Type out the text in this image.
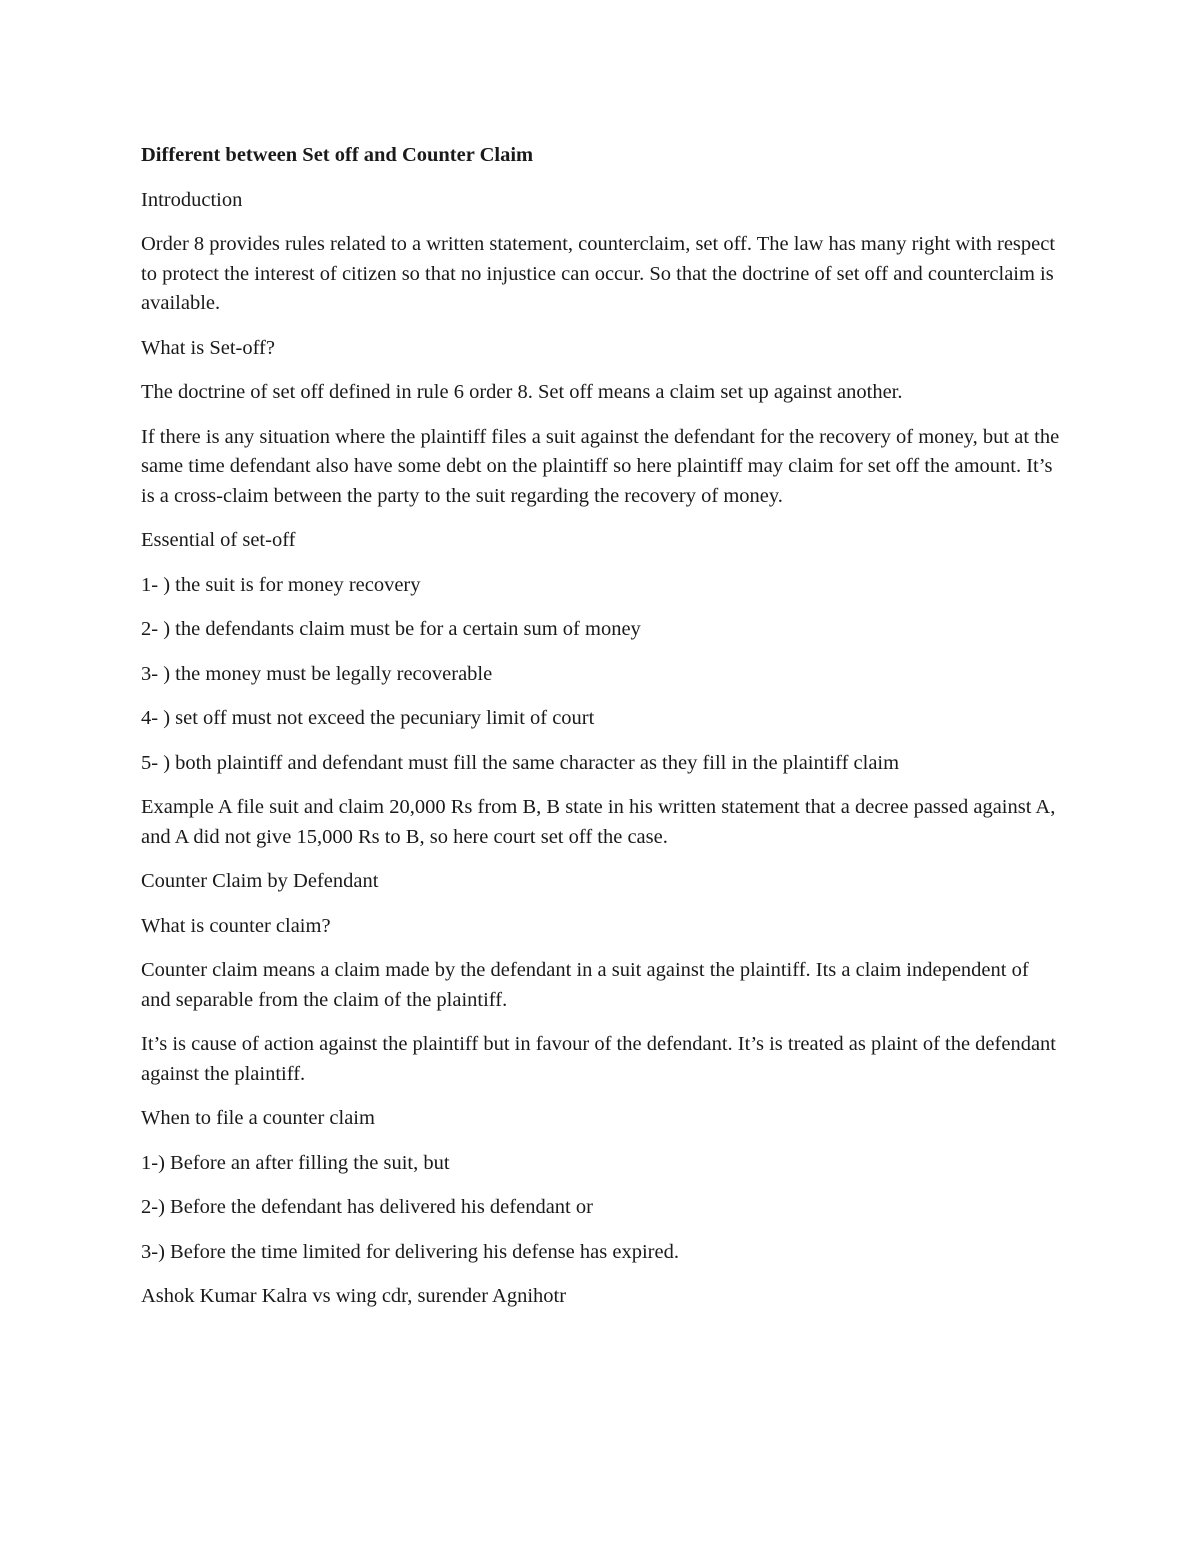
Different between Set off and Counter Claim

Introduction

Order 8 provides rules related to a written statement, counterclaim, set off. The law has many right with respect to protect the interest of citizen so that no injustice can occur. So that the doctrine of set off and counterclaim is available.

What is Set-off?

The doctrine of set off defined in rule 6 order 8. Set off means a claim set up against another.

If there is any situation where the plaintiff files a suit against the defendant for the recovery of money, but at the same time defendant also have some debt on the plaintiff so here plaintiff may claim for set off the amount. It’s is a cross-claim between the party to the suit regarding the recovery of money.

Essential of set-off

1- ) the suit is for money recovery

2- ) the defendants claim must be for a certain sum of money

3- ) the money must be legally recoverable

4- ) set off must not exceed the pecuniary limit of court

5- ) both plaintiff and defendant must fill the same character as they fill in the plaintiff claim

Example A file suit and claim 20,000 Rs from B, B state in his written statement that a decree passed against A, and A did not give 15,000 Rs to B, so here court set off the case.

Counter Claim by Defendant

What is counter claim?

Counter claim means a claim made by the defendant in a suit against the plaintiff. Its a claim independent of and separable from the claim of the plaintiff.

It’s is cause of action against the plaintiff but in favour of the defendant. It’s is treated as plaint of the defendant against the plaintiff.

When to file a counter claim

1-) Before an after filling the suit, but

2-) Before the defendant has delivered his defendant or

3-) Before the time limited for delivering his defense has expired.

Ashok Kumar Kalra vs wing cdr, surender Agnihotr
